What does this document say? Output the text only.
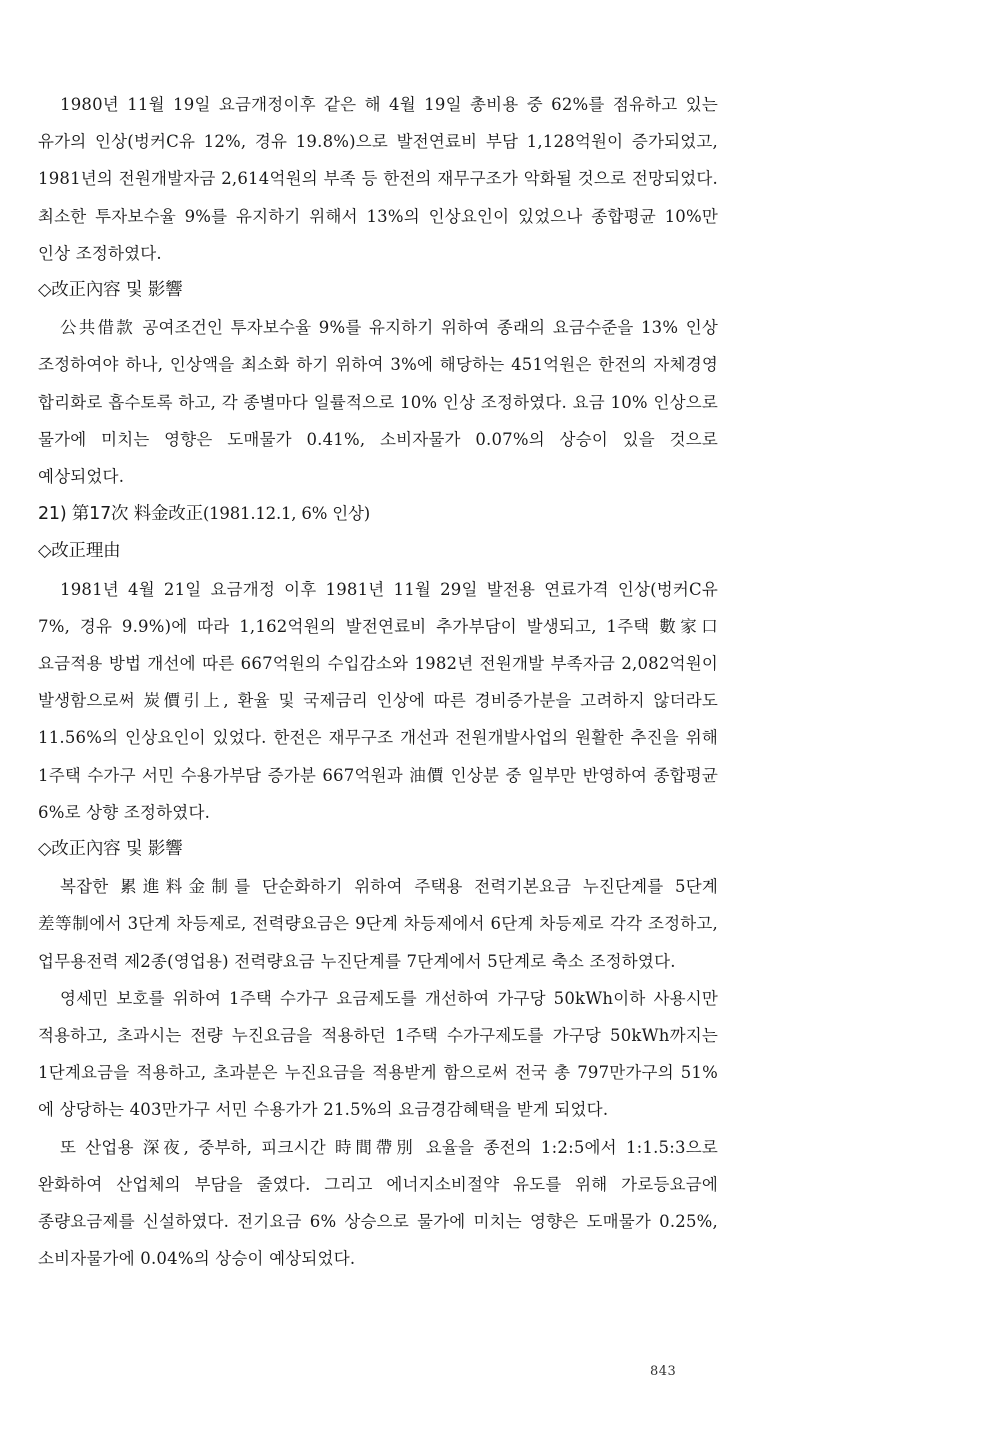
1980년 11월 19일 요금개정이후 같은 해 4월 19일 총비용 중 62%를 점유하고 있는 유가의 인상(벙커C유 12%, 경유 19.8%)으로 발전연료비 부담 1,128억원이 증가되었고, 1981년의 전원개발자금 2,614억원의 부족 등 한전의 재무구조가 악화될 것으로 전망되었다. 최소한 투자보수율 9%를 유지하기 위해서 13%의 인상요인이 있었으나 종합평균 10%만 인상 조정하였다.

◇改正內容 및 影響

公共借款 공여조건인 투자보수율 9%를 유지하기 위하여 종래의 요금수준을 13% 인상 조정하여야 하나, 인상액을 최소화 하기 위하여 3%에 해당하는 451억원은 한전의 자체경영 합리화로 흡수토록 하고, 각 종별마다 일률적으로 10% 인상 조정하였다. 요금 10% 인상으로 물가에 미치는 영향은 도매물가 0.41%, 소비자물가 0.07%의 상승이 있을 것으로 예상되었다.

21) 第17次 料金改正(1981.12.1, 6% 인상)

◇改正理由

1981년 4월 21일 요금개정 이후 1981년 11월 29일 발전용 연료가격 인상(벙커C유 7%, 경유 9.9%)에 따라 1,162억원의 발전연료비 추가부담이 발생되고, 1주택 數家口 요금적용 방법 개선에 따른 667억원의 수입감소와 1982년 전원개발 부족자금 2,082억원이 발생함으로써 炭價引上, 환율 및 국제금리 인상에 따른 경비증가분을 고려하지 않더라도 11.56%의 인상요인이 있었다. 한전은 재무구조 개선과 전원개발사업의 원활한 추진을 위해 1주택 수가구 서민 수용가부담 증가분 667억원과 油價 인상분 중 일부만 반영하여 종합평균 6%로 상향 조정하였다.

◇改正內容 및 影響

복잡한 累進料金制를 단순화하기 위하여 주택용 전력기본요금 누진단계를 5단계 差等制에서 3단계 차등제로, 전력량요금은 9단계 차등제에서 6단계 차등제로 각각 조정하고, 업무용전력 제2종(영업용) 전력량요금 누진단계를 7단계에서 5단계로 축소 조정하였다.

영세민 보호를 위하여 1주택 수가구 요금제도를 개선하여 가구당 50kWh이하 사용시만 적용하고, 초과시는 전량 누진요금을 적용하던 1주택 수가구제도를 가구당 50kWh까지는 1단계요금을 적용하고, 초과분은 누진요금을 적용받게 함으로써 전국 총 797만가구의 51%에 상당하는 403만가구 서민 수용가가 21.5%의 요금경감혜택을 받게 되었다.

또 산업용 深夜, 중부하, 피크시간 時間帶別 요율을 종전의 1:2:5에서 1:1.5:3으로 완화하여 산업체의 부담을 줄였다. 그리고 에너지소비절약 유도를 위해 가로등요금에 종량요금제를 신설하였다. 전기요금 6% 상승으로 물가에 미치는 영향은 도매물가 0.25%, 소비자물가에 0.04%의 상승이 예상되었다.

843
